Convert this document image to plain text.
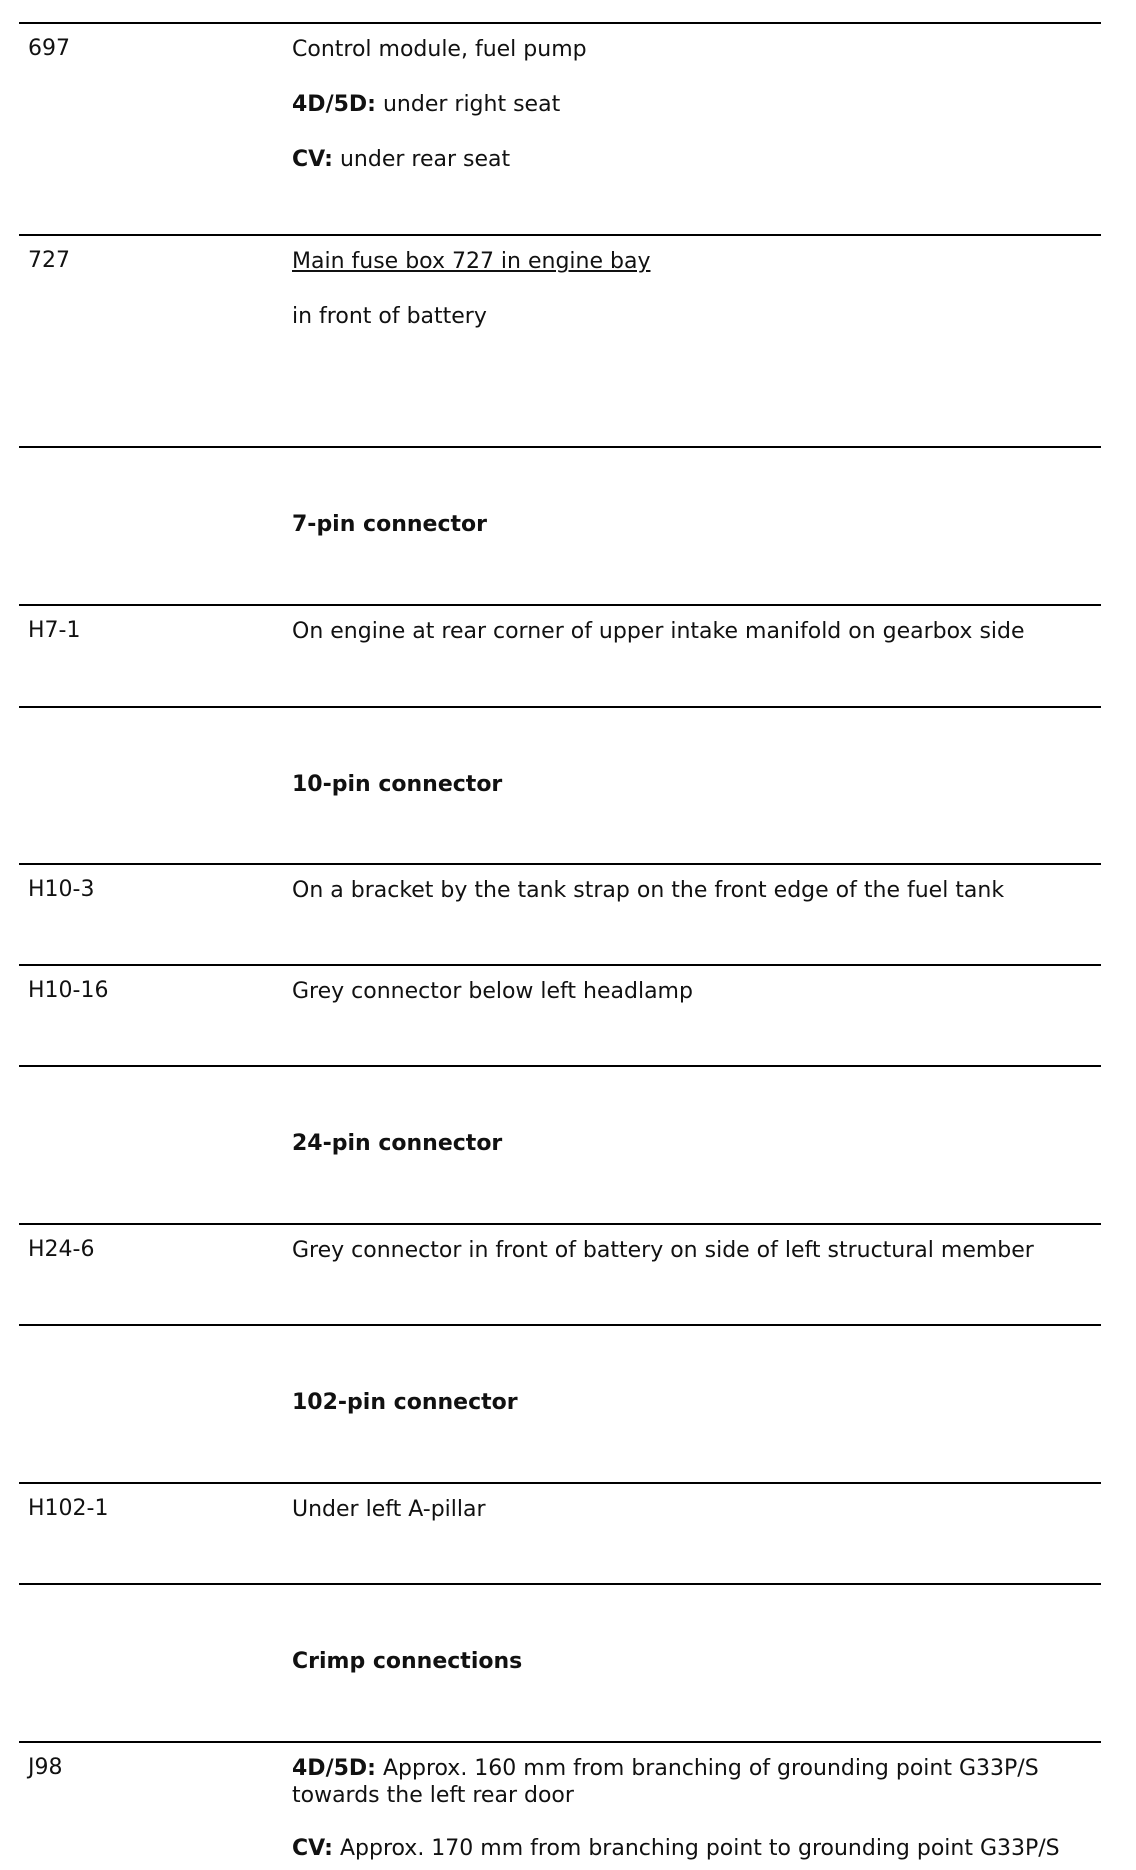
697	Control module, fuel pump

4D/5D: under right seat

CV: under rear seat

727	Main fuse box 727 in engine bay

in front of battery

7-pin connector
H7-1	On engine at rear corner of upper intake manifold on gearbox side
10-pin connector
H10-3	On a bracket by the tank strap on the front edge of the fuel tank
H10-16	Grey connector below left headlamp
24-pin connector
H24-6	Grey connector in front of battery on side of left structural member
102-pin connector
H102-1	Under left A-pillar
Crimp connections
J98	4D/5D: Approx. 160 mm from branching of grounding point G33P/S towards the left rear door

CV: Approx. 170 mm from branching point to grounding point G33P/S
